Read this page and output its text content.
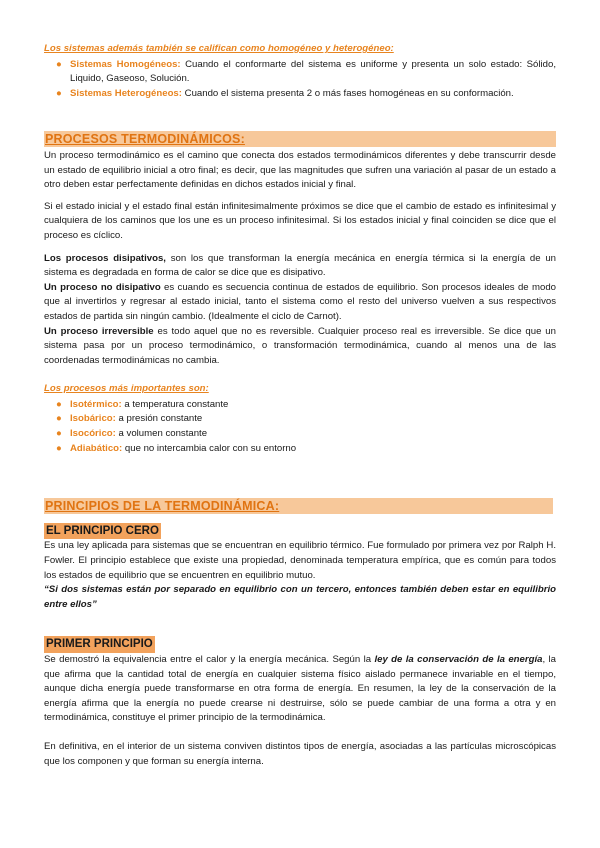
Los sistemas además también se califican como homogéneo y heterogéneo:

● Sistemas Homogéneos: Cuando el conformarte del sistema es uniforme y presenta un solo estado: Sólido, Liquido, Gaseoso, Solución.
● Sistemas Heterogéneos: Cuando el sistema presenta 2 o más fases homogéneas en su conformación.
PROCESOS TERMODINÁMICOS:

Un proceso termodinámico es el camino que conecta dos estados termodinámicos diferentes y debe transcurrir desde un estado de equilibrio inicial a otro final; es decir, que las magnitudes que sufren una variación al pasar de un estado a otro deben estar perfectamente definidas en dichos estados inicial y final.

Si el estado inicial y el estado final están infinitesimalmente próximos se dice que el cambio de estado es infinitesimal y cualquiera de los caminos que los une es un proceso infinitesimal. Si los estados inicial y final coinciden se dice que el proceso es cíclico.

Los procesos disipativos, son los que transforman la energía mecánica en energía térmica si la energía de un sistema es degradada en forma de calor se dice que es disipativo.

Un proceso no disipativo es cuando es secuencia continua de estados de equilibrio. Son procesos ideales de modo que al invertirlos y regresar al estado inicial, tanto el sistema como el resto del universo vuelven a sus respectivos estados de partida sin ningún cambio. (Idealmente el ciclo de Carnot).

Un proceso irreversible es todo aquel que no es reversible. Cualquier proceso real es irreversible. Se dice que un sistema pasa por un proceso termodinámico, o transformación termodinámica, cuando al menos una de las coordenadas termodinámicas no cambia.

Los procesos más importantes son:

● Isotérmico: a temperatura constante
● Isobárico: a presión constante
● Isocórico: a volumen constante
● Adiabático: que no intercambia calor con su entorno
PRINCIPIOS DE LA TERMODINÁMICA:
EL PRINCIPIO CERO

Es una ley aplicada para sistemas que se encuentran en equilibrio térmico. Fue formulado por primera vez por Ralph H. Fowler. El principio establece que existe una propiedad, denominada temperatura empírica, que es común para todos los estados de equilibrio que se encuentren en equilibrio mutuo.

“Si dos sistemas están por separado en equilibrio con un tercero, entonces también deben estar en equilibrio entre ellos”

PRIMER PRINCIPIO

Se demostró la equivalencia entre el calor y la energía mecánica. Según la ley de la conservación de la energía, la que afirma que la cantidad total de energía en cualquier sistema físico aislado permanece invariable en el tiempo, aunque dicha energía puede transformarse en otra forma de energía. En resumen, la ley de la conservación de la energía afirma que la energía no puede crearse ni destruirse, sólo se puede cambiar de una forma a otra y en termodinámica, constituye el primer principio de la termodinámica.

En definitiva, en el interior de un sistema conviven distintos tipos de energía, asociadas a las partículas microscópicas que los componen y que forman su energía interna.
